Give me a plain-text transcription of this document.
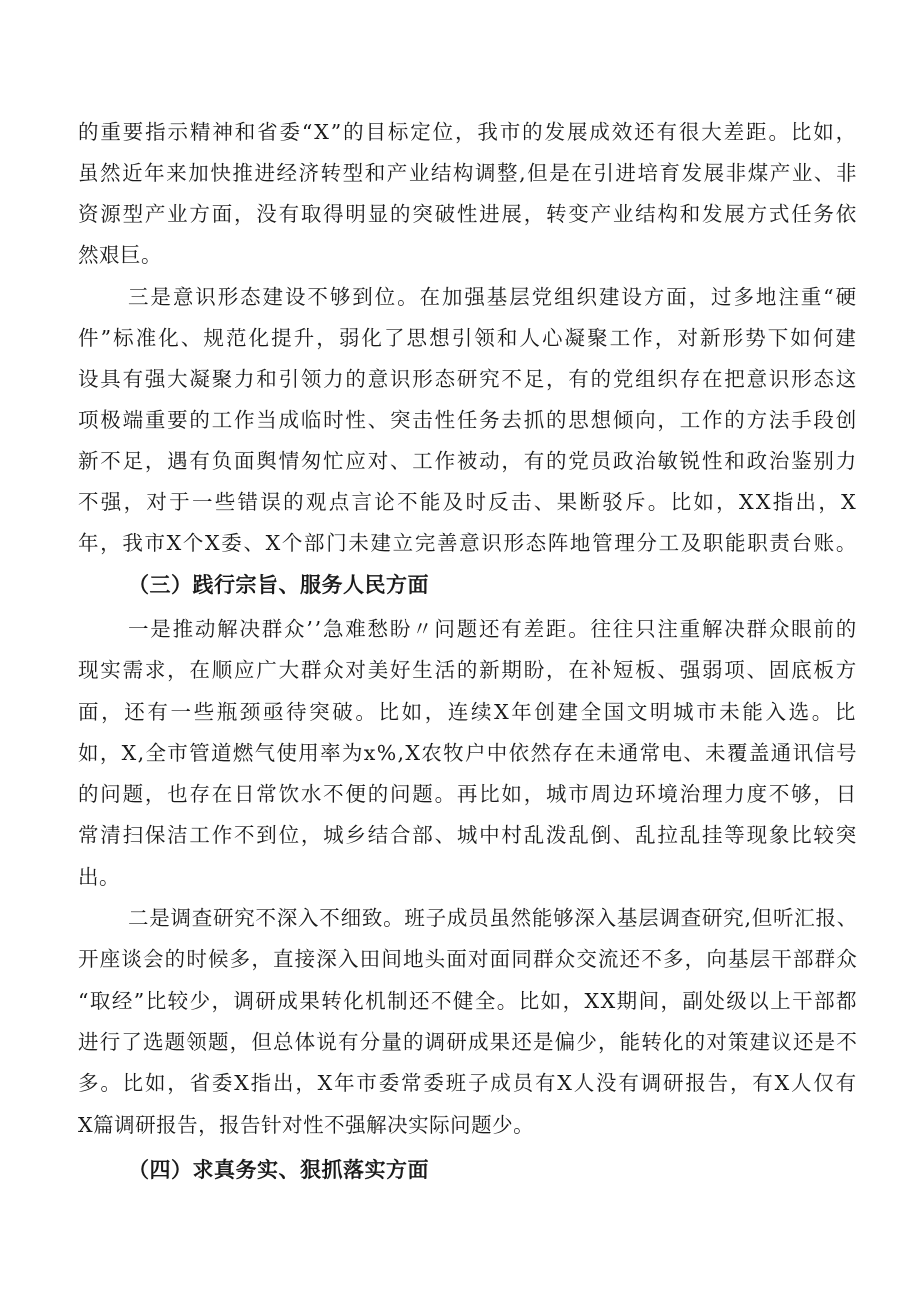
的重要指示精神和省委“X”的目标定位，我市的发展成效还有很大差距。比如，
虽然近年来加快推进经济转型和产业结构调整,但是在引进培育发展非煤产业、非
资源型产业方面，没有取得明显的突破性进展，转变产业结构和发展方式任务依
然艰巨。
三是意识形态建设不够到位。在加强基层党组织建设方面，过多地注重“硬
件”标准化、规范化提升，弱化了思想引领和人心凝聚工作，对新形势下如何建
设具有强大凝聚力和引领力的意识形态研究不足，有的党组织存在把意识形态这
项极端重要的工作当成临时性、突击性任务去抓的思想倾向，工作的方法手段创
新不足，遇有负面舆情匆忙应对、工作被动，有的党员政治敏锐性和政治鉴别力
不强，对于一些错误的观点言论不能及时反击、果断驳斥。比如，XX指出，X
年，我市X个X委、X个部门未建立完善意识形态阵地管理分工及职能职责台账。
（三）践行宗旨、服务人民方面
一是推动解决群众’’急难愁盼〃问题还有差距。往往只注重解决群众眼前的
现实需求，在顺应广大群众对美好生活的新期盼，在补短板、强弱项、固底板方
面，还有一些瓶颈亟待突破。比如，连续X年创建全国文明城市未能入选。比
如，X,全市管道燃气使用率为x%,X农牧户中依然存在未通常电、未覆盖通讯信号
的问题，也存在日常饮水不便的问题。再比如，城市周边环境治理力度不够，日
常清扫保洁工作不到位，城乡结合部、城中村乱泼乱倒、乱拉乱挂等现象比较突
出。
二是调查研究不深入不细致。班子成员虽然能够深入基层调查研究,但听汇报、
开座谈会的时候多，直接深入田间地头面对面同群众交流还不多，向基层干部群众
“取经”比较少，调研成果转化机制还不健全。比如，XX期间，副处级以上干部都
进行了选题领题，但总体说有分量的调研成果还是偏少，能转化的对策建议还是不
多。比如，省委X指出，X年市委常委班子成员有X人没有调研报告，有X人仅有
X篇调研报告，报告针对性不强解决实际问题少。
（四）求真务实、狠抓落实方面
